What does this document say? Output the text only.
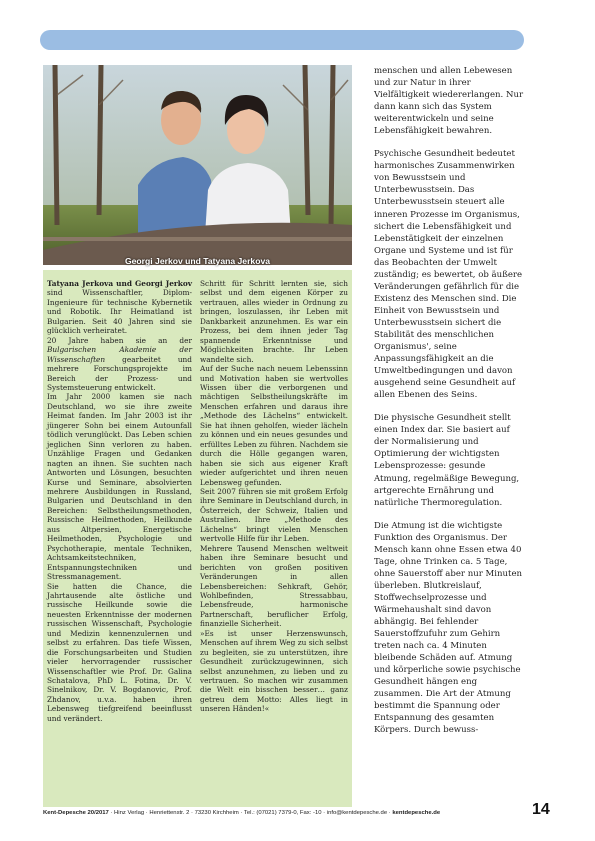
Georgi Jerkov und Tatyana Jerkova

Tatyana Jerkova und Georgi Jerkov sind Wissenschaftler, Diplom-Ingenieure für technische Kybernetik und Robotik. Ihr Heimatland ist Bulgarien. Seit 40 Jahren sind sie glücklich verheiratet.

20 Jahre haben sie an der Bulgarischen Akademie der Wissenschaften gearbeitet und mehrere Forschungsprojekte im Bereich der Prozess- und Systemsteuerung entwickelt.

Im Jahr 2000 kamen sie nach Deutschland, wo sie ihre zweite Heimat fanden. Im Jahr 2003 ist ihr jüngerer Sohn bei einem Autounfall tödlich verunglückt. Das Leben schien jeglichen Sinn verloren zu haben. Unzählige Fragen und Gedanken nagten an ihnen. Sie suchten nach Antworten und Lösungen, besuchten Kurse und Seminare, absolvierten mehrere Ausbildungen in Russland, Bulgarien und Deutschland in den Bereichen: Selbstheilungsmethoden, Russische Heilmethoden, Heilkunde aus Altpersien, Energetische Heilmethoden, Psychologie und Psychotherapie, mentale Techniken, Achtsamkeitstechniken, Entspannungstechniken und Stressmanagement.

Sie hatten die Chance, die Jahrtausende alte östliche und russische Heilkunde sowie die neuesten Erkenntnisse der modernen russischen Wissenschaft, Psychologie und Medizin kennenzulernen und selbst zu erfahren. Das tiefe Wissen, die Forschungsarbeiten und Studien vieler hervorragender russischer Wissenschaftler wie Prof. Dr. Galina Schatalova, PhD L. Fotina, Dr. V. Sinelnikov, Dr. V. Bogdanovic, Prof. Zhdanov, u.v.a. haben ihren Lebensweg tiefgreifend beeinflusst und verändert.

Schritt für Schritt lernten sie, sich selbst und dem eigenen Körper zu vertrauen, alles wieder in Ordnung zu bringen, loszulassen, ihr Leben mit Dankbarkeit anzunehmen. Es war ein Prozess, bei dem ihnen jeder Tag spannende Erkenntnisse und Möglichkeiten brachte. Ihr Leben wandelte sich.

Auf der Suche nach neuem Lebenssinn und Motivation haben sie wertvolles Wissen über die verborgenen und mächtigen Selbstheilungskräfte im Menschen erfahren und daraus ihre „Methode des Lächelns“ entwickelt. Sie hat ihnen geholfen, wieder lächeln zu können und ein neues gesundes und erfülltes Leben zu führen. Nachdem sie durch die Hölle gegangen waren, haben sie sich aus eigener Kraft wieder aufgerichtet und ihren neuen Lebensweg gefunden.

Seit 2007 führen sie mit großem Erfolg ihre Seminare in Deutschland durch, in Österreich, der Schweiz, Italien und Australien. Ihre „Methode des Lächelns“ bringt vielen Menschen wertvolle Hilfe für ihr Leben.

Mehrere Tausend Menschen weltweit haben ihre Seminare besucht und berichten von großen positiven Veränderungen in allen Lebensbereichen: Sehkraft, Gehör, Wohlbefinden, Stressabbau, Lebensfreude, harmonische Partnerschaft, beruflicher Erfolg, finanzielle Sicherheit.

»Es ist unser Herzenswunsch, Menschen auf ihrem Weg zu sich selbst zu begleiten, sie zu unterstützen, ihre Gesundheit zurückzugewinnen, sich selbst anzunehmen, zu lieben und zu vertrauen. So machen wir zusammen die Welt ein bisschen besser… ganz getreu dem Motto: Alles liegt in unseren Händen!«

menschen und allen Lebewesen und zur Natur in ihrer Vielfältigkeit wiedererlangen. Nur dann kann sich das System weiterentwickeln und seine Lebensfähigkeit bewahren.

Psychische Gesundheit bedeutet harmonisches Zusammenwirken von Bewusstsein und Unterbewusstsein. Das Unterbewusstsein steuert alle inneren Prozesse im Organismus, sichert die Lebensfähigkeit und Lebenstätigkeit der einzelnen Organe und Systeme und ist für das Beobachten der Umwelt zuständig; es bewertet, ob äußere Veränderungen gefährlich für die Existenz des Menschen sind. Die Einheit von Bewusstsein und Unterbewusstsein sichert die Stabilität des menschlichen Organismus', seine Anpassungsfähigkeit an die Umweltbedingungen und davon ausgehend seine Gesundheit auf allen Ebenen des Seins.

Die physische Gesundheit stellt einen Index dar. Sie basiert auf der Normalisierung und Optimierung der wichtigsten Lebensprozesse: gesunde Atmung, regelmäßige Bewegung, artgerechte Ernährung und natürliche Thermoregulation.

Die Atmung ist die wichtigste Funktion des Organismus. Der Mensch kann ohne Essen etwa 40 Tage, ohne Trinken ca. 5 Tage, ohne Sauerstoff aber nur Minuten überleben. Blutkreislauf, Stoffwechselprozesse und Wärmehaushalt sind davon abhängig. Bei fehlender Sauerstoffzufuhr zum Gehirn treten nach ca. 4 Minuten bleibende Schäden auf. Atmung und körperliche sowie psychische Gesundheit hängen eng zusammen. Die Art der Atmung bestimmt die Spannung oder Entspannung des gesamten Körpers. Durch bewuss-

Kent-Depesche 20/2017 · Hinz Verlag · Henriettenstr. 2 · 73230 Kirchheim · Tel.: (07021) 7379-0, Fax: -10 · info@kentdepesche.de · kentdepesche.de	14
